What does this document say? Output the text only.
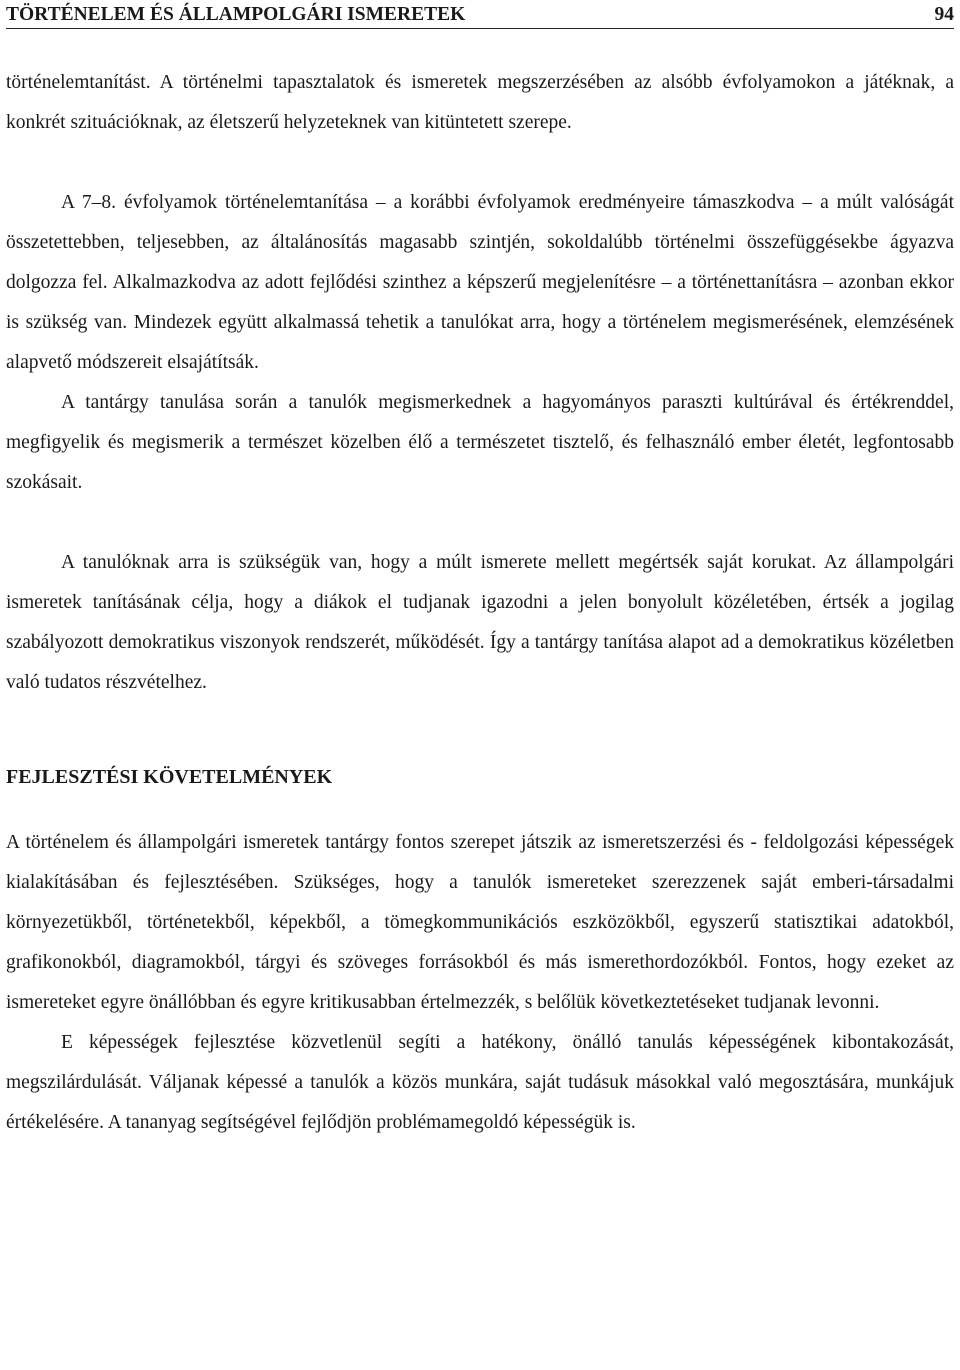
TÖRTÉNELEM ÉS ÁLLAMPOLGÁRI ISMERETEK	94

történelemtanítást. A történelmi tapasztalatok és ismeretek megszerzésében az alsóbb évfolyamokon a játéknak, a konkrét szituációknak, az életszerű helyzeteknek van kitüntetett szerepe.

A 7–8. évfolyamok történelemtanítása – a korábbi évfolyamok eredményeire támaszkodva – a múlt valóságát összetettebben, teljesebben, az általánosítás magasabb szintjén, sokoldalúbb történelmi összefüggésekbe ágyazva dolgozza fel. Alkalmazkodva az adott fejlődési szinthez a képszerű megjelenítésre – a történettanításra – azonban ekkor is szükség van. Mindezek együtt alkalmassá tehetik a tanulókat arra, hogy a történelem megismerésének, elemzésének alapvető módszereit elsajátítsák.

A tantárgy tanulása során a tanulók megismerkednek a hagyományos paraszti kultúrával és értékrenddel, megfigyelik és megismerik a természet közelben élő a természetet tisztelő, és felhasználó ember életét, legfontosabb szokásait.

A tanulóknak arra is szükségük van, hogy a múlt ismerete mellett megértsék saját korukat. Az állampolgári ismeretek tanításának célja, hogy a diákok el tudjanak igazodni a jelen bonyolult közéletében, értsék a jogilag szabályozott demokratikus viszonyok rendszerét, működését. Így a tantárgy tanítása alapot ad a demokratikus közéletben való tudatos részvételhez.

FEJLESZTÉSI KÖVETELMÉNYEK

A történelem és állampolgári ismeretek tantárgy fontos szerepet játszik az ismeretszerzési és - feldolgozási képességek kialakításában és fejlesztésében. Szükséges, hogy a tanulók ismereteket szerezzenek saját emberi-társadalmi környezetükből, történetekből, képekből, a tömegkommunikációs eszközökből, egyszerű statisztikai adatokból, grafikonokból, diagramokból, tárgyi és szöveges forrásokból és más ismerethordozókból. Fontos, hogy ezeket az ismereteket egyre önállóbban és egyre kritikusabban értelmezzék, s belőlük következtetéseket tudjanak levonni.

E képességek fejlesztése közvetlenül segíti a hatékony, önálló tanulás képességének kibontakozását, megszilárdulását. Váljanak képessé a tanulók a közös munkára, saját tudásuk másokkal való megosztására, munkájuk értékelésére. A tananyag segítségével fejlődjön problémamegoldó képességük is.
